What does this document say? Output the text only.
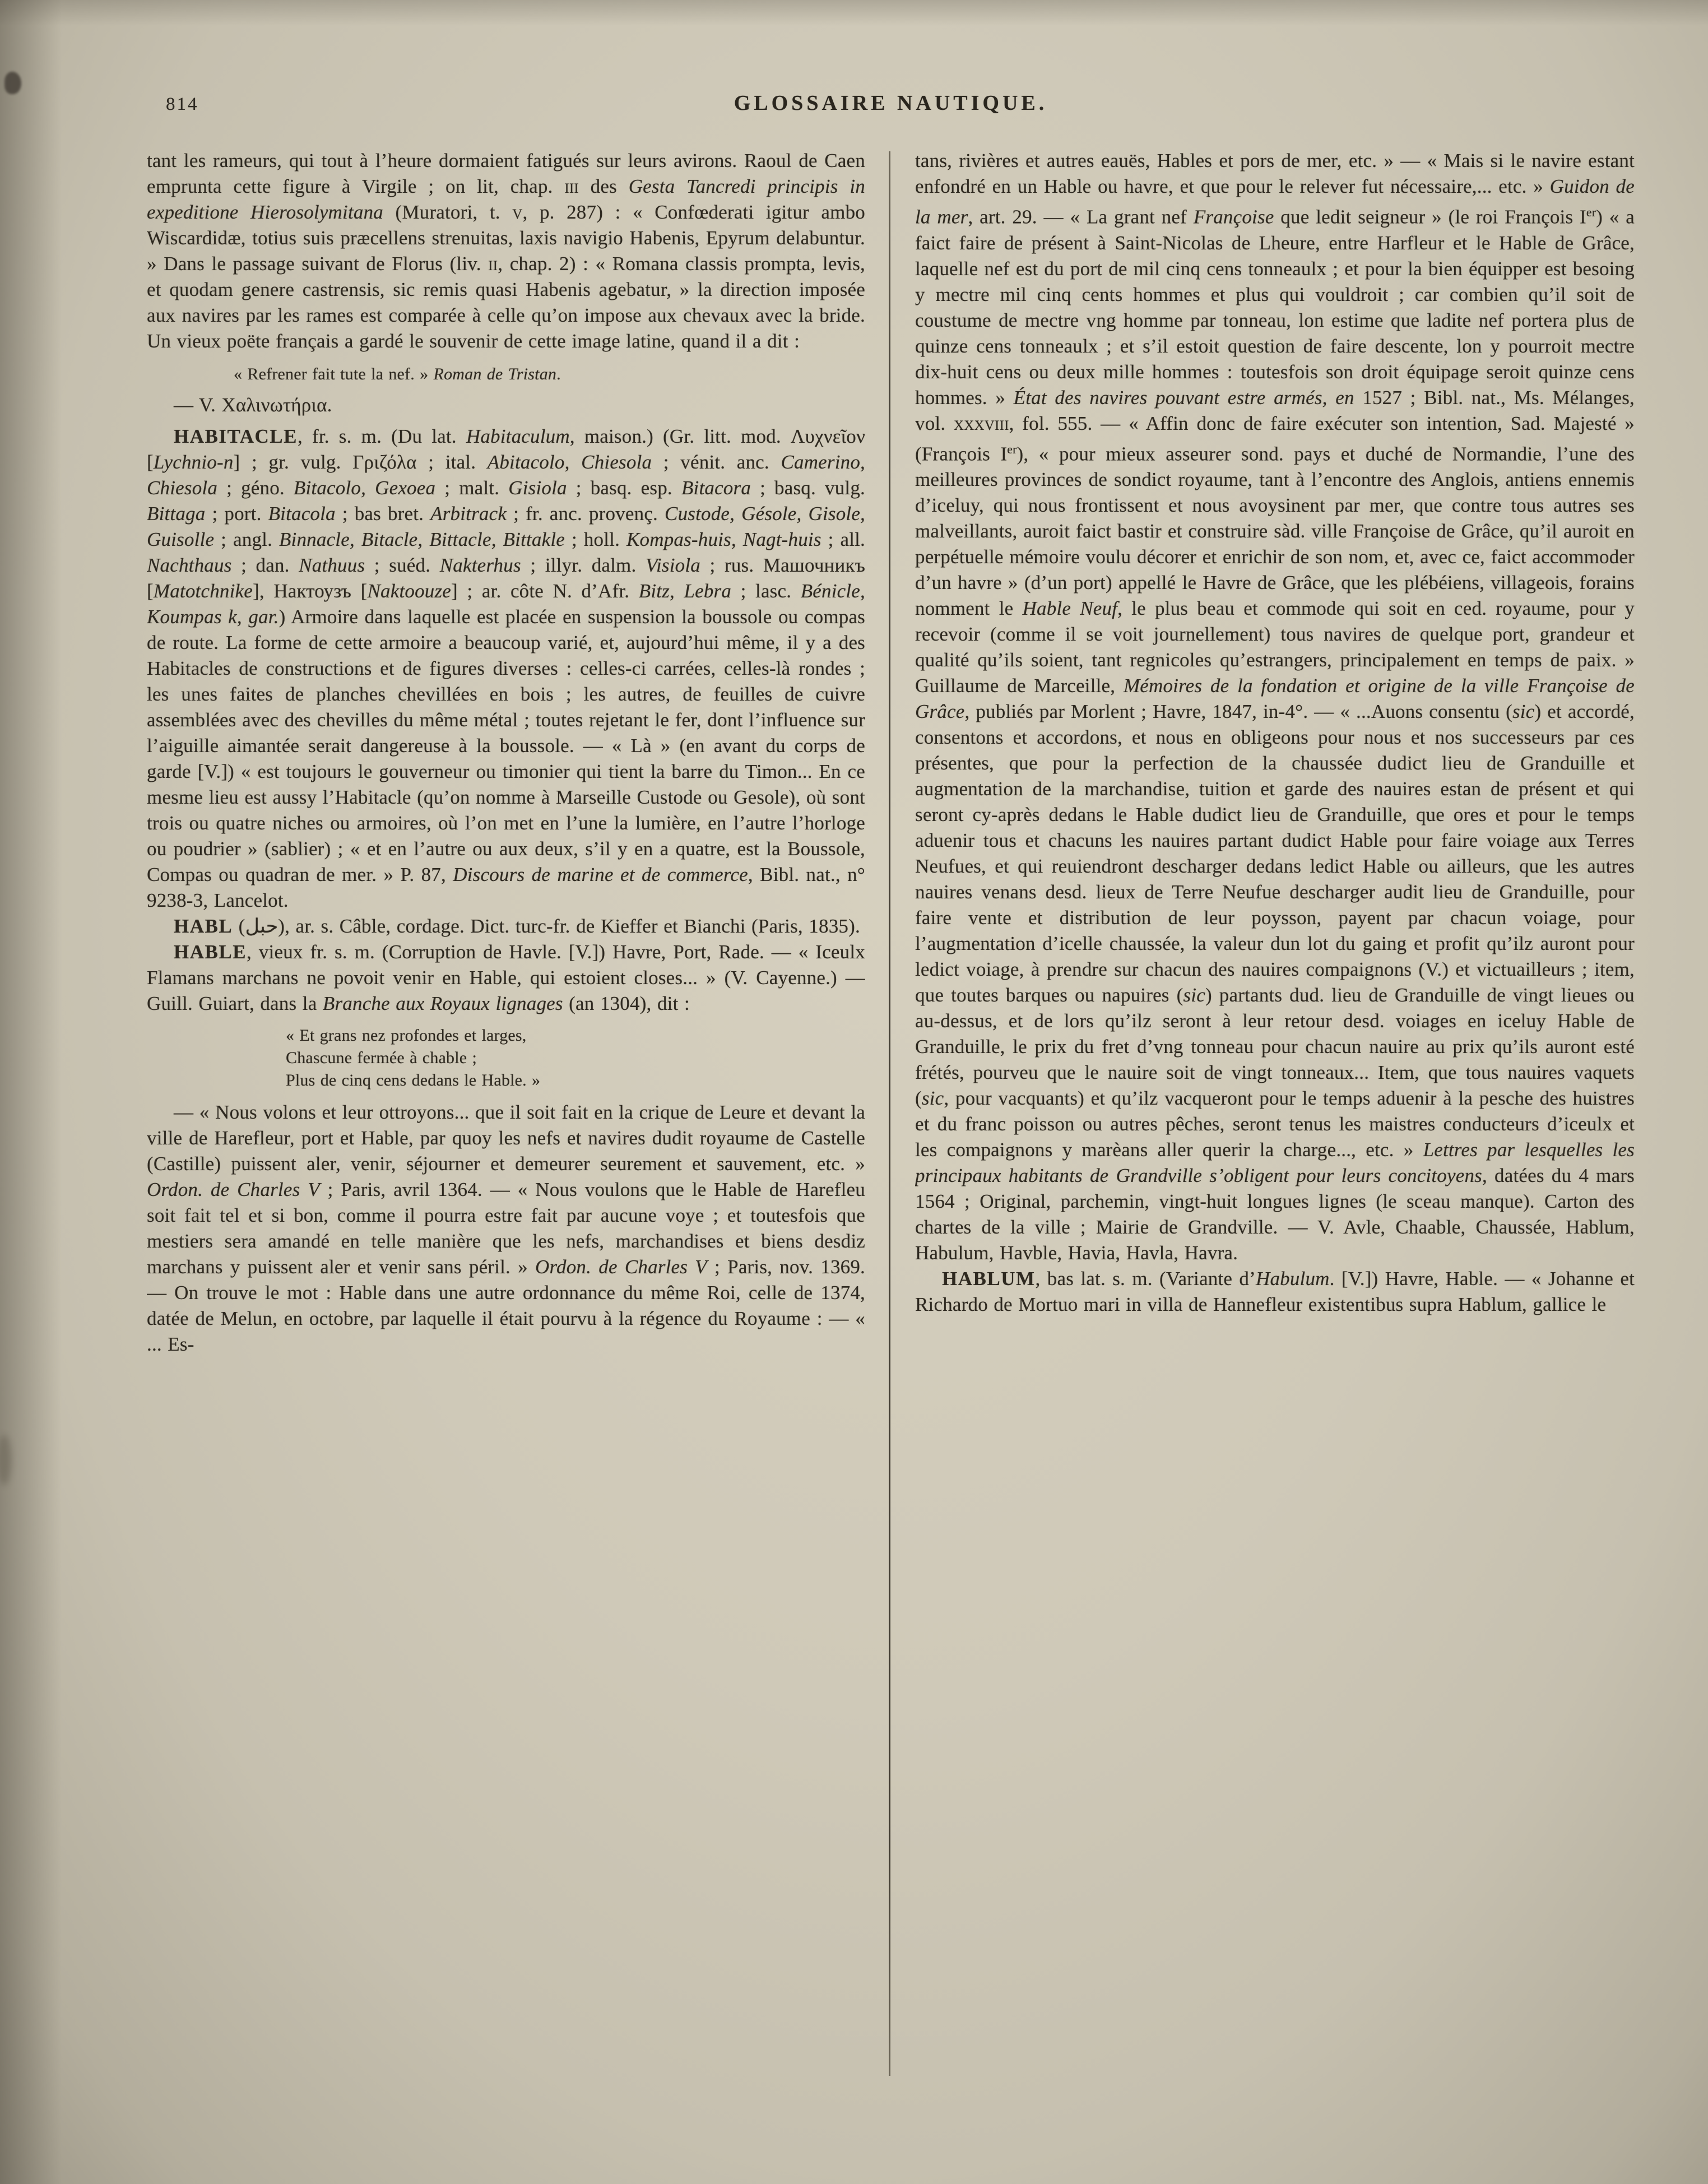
814	GLOSSAIRE NAUTIQUE.

tant les rameurs, qui tout à l’heure dormaient fatigués sur leurs avirons. Raoul de Caen emprunta cette figure à Virgile ; on lit, chap. iii des Gesta Tancredi principis in expeditione Hierosolymitana (Muratori, t. v, p. 287) : « Confœderati igitur ambo Wiscardidæ, totius suis præcellens strenuitas, laxis navigio Habenis, Epyrum delabuntur. » Dans le passage suivant de Florus (liv. ii, chap. 2) : « Romana classis prompta, levis, et quodam genere castrensis, sic remis quasi Habenis agebatur, » la direction imposée aux navires par les rames est comparée à celle qu’on impose aux chevaux avec la bride. Un vieux poëte français a gardé le souvenir de cette image latine, quand il a dit :

« Refrener fait tute la nef. » Roman de Tristan.

— V. Χαλινωτήρια.

HABITACLE, fr. s. m. (Du lat. Habitaculum, maison.) (Gr. litt. mod. Λυχνεῖον [Lychnio-n] ; gr. vulg. Γριζόλα ; ital. Abitacolo, Chiesola ; vénit. anc. Camerino, Chiesola ; géno. Bitacolo, Gexoea ; malt. Gisiola ; basq. esp. Bitacora ; basq. vulg. Bittaga ; port. Bitacola ; bas bret. Arbitrack ; fr. anc. provenç. Custode, Gésole, Gisole, Guisolle ; angl. Binnacle, Bitacle, Bittacle, Bittakle ; holl. Kompas-huis, Nagt-huis ; all. Nachthaus ; dan. Nathuus ; suéd. Nakterhus ; illyr. dalm. Visiola ; rus. Машочникъ [Matotchnike], Нактоузъ [Naktoouze] ; ar. côte N. d’Afr. Bitz, Lebra ; lasc. Bénicle, Koumpas k, gar.) Armoire dans laquelle est placée en suspension la boussole ou compas de route. La forme de cette armoire a beaucoup varié, et, aujourd’hui même, il y a des Habitacles de constructions et de figures diverses : celles-ci carrées, celles-là rondes ; les unes faites de planches chevillées en bois ; les autres, de feuilles de cuivre assemblées avec des chevilles du même métal ; toutes rejetant le fer, dont l’influence sur l’aiguille aimantée serait dangereuse à la boussole. — « Là » (en avant du corps de garde [V.]) « est toujours le gouverneur ou timonier qui tient la barre du Timon... En ce mesme lieu est aussy l’Habitacle (qu’on nomme à Marseille Custode ou Gesole), où sont trois ou quatre niches ou armoires, où l’on met en l’une la lumière, en l’autre l’horloge ou poudrier » (sablier) ; « et en l’autre ou aux deux, s’il y en a quatre, est la Boussole, Compas ou quadran de mer. » P. 87, Discours de marine et de commerce, Bibl. nat., n° 9238-3, Lancelot.

HABL (حبل), ar. s. Câble, cordage. Dict. turc-fr. de Kieffer et Bianchi (Paris, 1835).

HABLE, vieux fr. s. m. (Corruption de Havle. [V.]) Havre, Port, Rade. — « Iceulx Flamans marchans ne povoit venir en Hable, qui estoient closes... » (V. Cayenne.) — Guill. Guiart, dans la Branche aux Royaux lignages (an 1304), dit :

« Et grans nez profondes et larges,
Chascune fermée à chable ;
Plus de cinq cens dedans le Hable. »

— « Nous volons et leur ottroyons... que il soit fait en la crique de Leure et devant la ville de Harefleur, port et Hable, par quoy les nefs et navires dudit royaume de Castelle (Castille) puissent aler, venir, séjourner et demeurer seurement et sauvement, etc. » Ordon. de Charles V ; Paris, avril 1364. — « Nous voulons que le Hable de Harefleu soit fait tel et si bon, comme il pourra estre fait par aucune voye ; et toutesfois que mestiers sera amandé en telle manière que les nefs, marchandises et biens desdiz marchans y puissent aler et venir sans péril. » Ordon. de Charles V ; Paris, nov. 1369. — On trouve le mot : Hable dans une autre ordonnance du même Roi, celle de 1374, datée de Melun, en octobre, par laquelle il était pourvu à la régence du Royaume : — « ... Es-

tans, rivières et autres eauës, Hables et pors de mer, etc. » — « Mais si le navire estant enfondré en un Hable ou havre, et que pour le relever fut nécessaire,... etc. » Guidon de la mer, art. 29. — « La grant nef Françoise que ledit seigneur » (le roi François Ier) « a faict faire de présent à Saint-Nicolas de Lheure, entre Harfleur et le Hable de Grâce, laquelle nef est du port de mil cinq cens tonneaulx ; et pour la bien équipper est besoing y mectre mil cinq cents hommes et plus qui vouldroit ; car combien qu’il soit de coustume de mectre vng homme par tonneau, lon estime que ladite nef portera plus de quinze cens tonneaulx ; et s’il estoit question de faire descente, lon y pourroit mectre dix-huit cens ou deux mille hommes : toutesfois son droit équipage seroit quinze cens hommes. » État des navires pouvant estre armés, en 1527 ; Bibl. nat., Ms. Mélanges, vol. xxxviii, fol. 555. — « Affin donc de faire exécuter son intention, Sad. Majesté » (François Ier), « pour mieux asseurer sond. pays et duché de Normandie, l’une des meilleures provinces de sondict royaume, tant à l’encontre des Anglois, antiens ennemis d’iceluy, qui nous frontissent et nous avoysinent par mer, que contre tous autres ses malveillants, auroit faict bastir et construire sàd. ville Françoise de Grâce, qu’il auroit en perpétuelle mémoire voulu décorer et enrichir de son nom, et, avec ce, faict accommoder d’un havre » (d’un port) appellé le Havre de Grâce, que les plébéiens, villageois, forains nomment le Hable Neuf, le plus beau et commode qui soit en ced. royaume, pour y recevoir (comme il se voit journellement) tous navires de quelque port, grandeur et qualité qu’ils soient, tant regnicoles qu’estrangers, principalement en temps de paix. » Guillaume de Marceille, Mémoires de la fondation et origine de la ville Françoise de Grâce, publiés par Morlent ; Havre, 1847, in-4°. — « ...Auons consentu (sic) et accordé, consentons et accordons, et nous en obligeons pour nous et nos successeurs par ces présentes, que pour la perfection de la chaussée dudict lieu de Granduille et augmentation de la marchandise, tuition et garde des nauires estan de présent et qui seront cy-après dedans le Hable dudict lieu de Granduille, que ores et pour le temps aduenir tous et chacuns les nauires partant dudict Hable pour faire voiage aux Terres Neufues, et qui reuiendront descharger dedans ledict Hable ou ailleurs, que les autres nauires venans desd. lieux de Terre Neufue descharger audit lieu de Granduille, pour faire vente et distribution de leur poysson, payent par chacun voiage, pour l’augmentation d’icelle chaussée, la valeur dun lot du gaing et profit qu’ilz auront pour ledict voiage, à prendre sur chacun des nauires compaignons (V.) et victuailleurs ; item, que toutes barques ou napuires (sic) partants dud. lieu de Granduille de vingt lieues ou au-dessus, et de lors qu’ilz seront à leur retour desd. voiages en iceluy Hable de Granduille, le prix du fret d’vng tonneau pour chacun nauire au prix qu’ils auront esté frétés, pourveu que le nauire soit de vingt tonneaux... Item, que tous nauires vaquets (sic, pour vacquants) et qu’ilz vacqueront pour le temps aduenir à la pesche des huistres et du franc poisson ou autres pêches, seront tenus les maistres conducteurs d’iceulx et les compaignons y marèans aller querir la charge..., etc. » Lettres par lesquelles les principaux habitants de Grandville s’obligent pour leurs concitoyens, datées du 4 mars 1564 ; Original, parchemin, vingt-huit longues lignes (le sceau manque). Carton des chartes de la ville ; Mairie de Grandville. — V. Avle, Chaable, Chaussée, Hablum, Habulum, Havble, Havia, Havla, Havra.

HABLUM, bas lat. s. m. (Variante d’Habulum. [V.]) Havre, Hable. — « Johanne et Richardo de Mortuo mari in villa de Hannefleur existentibus supra Hablum, gallice le
